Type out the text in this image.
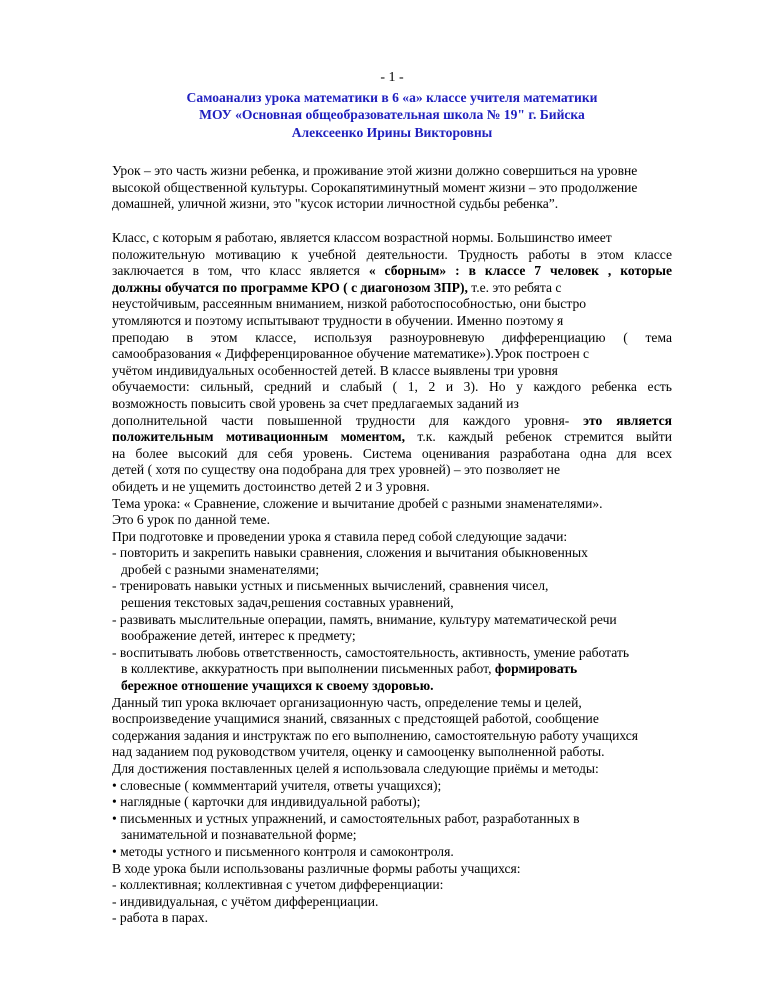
- 1 -
Самоанализ урока математики в 6 «а» классе учителя математики
МОУ «Основная общеобразовательная школа № 19" г. Бийска
Алексеенко Ирины Викторовны
Урок – это часть жизни ребенка, и проживание этой жизни должно совершиться на уровне
высокой общественной культуры. Сорокапятиминутный момент жизни – это продолжение
домашней, уличной жизни, это "кусок истории личностной судьбы ребенка”.
Класс, с которым я работаю, является классом возрастной нормы. Большинство имеет
положительную мотивацию к учебной деятельности. Трудность работы в этом классе
заключается в том, что класс является « сборным» : в классе 7 человек , которые
должны обучатся по программе КРО ( с диагонозом ЗПР), т.е. это ребята с
неустойчивым, рассеянным вниманием, низкой работоспособностью, они быстро
утомляются и поэтому испытывают трудности в обучении. Именно поэтому я
преподаю в этом классе, используя разноуровневую дифференциацию ( тема
самообразования « Дифференцированное обучение математике»).Урок построен с
учётом индивидуальных особенностей детей. В классе выявлены три уровня
обучаемости: сильный, средний и слабый ( 1, 2 и 3). Но у каждого ребенка есть
возможность повысить свой уровень за счет предлагаемых заданий из
дополнительной части повышенной трудности для каждого уровня- это является
положительным мотивационным моментом, т.к. каждый ребенок стремится выйти
на более высокий для себя уровень. Система оценивания разработана одна для всех
детей ( хотя по существу она подобрана для трех уровней) – это позволяет не
обидеть и не ущемить достоинство детей 2 и 3 уровня.
Тема урока: « Сравнение, сложение и вычитание дробей с разными знаменателями».
Это 6 урок по данной теме.
При подготовке и проведении урока я ставила перед собой следующие задачи:
- повторить и закрепить навыки сравнения, сложения и вычитания обыкновенных
дробей с разными знаменателями;
- тренировать навыки устных и письменных вычислений, сравнения чисел,
решения текстовых задач,решения составных уравнений,
- развивать мыслительные операции, память, внимание, культуру математической речи
воображение детей, интерес к предмету;
- воспитывать любовь ответственность, самостоятельность, активность, умение работать
в коллективе, аккуратность при выполнении письменных работ, формировать
бережное отношение учащихся к своему здоровью.
Данный тип урока включает организационную часть, определение темы и целей,
воспроизведение учащимися знаний, связанных с предстоящей работой, сообщение
содержания задания и инструктаж по его выполнению, самостоятельную работу учащихся
над заданием под руководством учителя, оценку и самооценку выполненной работы.
Для достижения поставленных целей я использовала следующие приёмы и методы:
• словесные ( коммментарий учителя, ответы учащихся);
• наглядные ( карточки для индивидуальной работы);
• письменных и устных упражнений, и самостоятельных работ, разработанных в
занимательной и познавательной форме;
• методы устного и письменного контроля и самоконтроля.
В ходе урока были использованы различные формы работы учащихся:
- коллективная; коллективная с учетом дифференциации:
- индивидуальная, с учётом дифференциации.
- работа в парах.
